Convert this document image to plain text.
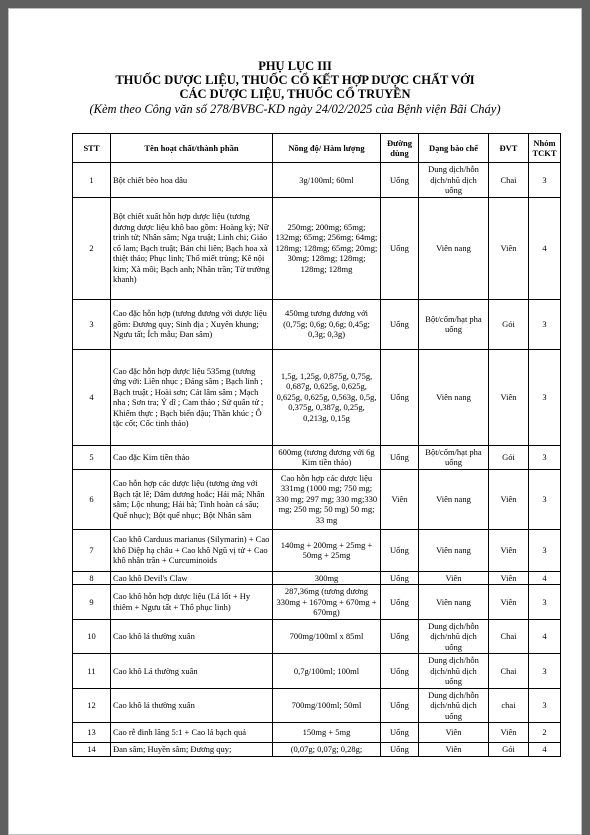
PHỤ LỤC III
THUỐC DƯỢC LIỆU, THUỐC CỔ KẾT HỢP DƯỢC CHẤT VỚI
CÁC DƯỢC LIỆU, THUỐC CỔ TRUYỀN
(Kèm theo Công văn số 278/BVBC-KD ngày 24/02/2025 của Bệnh viện Bãi Cháy)
STT	Tên hoạt chất/thành phần	Nồng độ/ Hàm lượng	Đường dùng	Dạng bào chế	ĐVT	Nhóm TCKT
1	Bột chiết bèo hoa dâu	3g/100ml; 60ml	Uống	Dung dịch/hỗn dịch/nhũ dịch uống	Chai	3
2	Bột chiết xuất hỗn hợp dược liệu (tương đương dược liệu khô bao gồm: Hoàng kỳ; Nữ trinh tử; Nhân sâm; Nga truật; Linh chi; Giảo cổ lam; Bạch truật; Bán chi liên; Bạch hoa xà thiệt thảo; Phục linh; Thổ miết trùng; Kê nội kim; Xà môi; Bạch anh; Nhân trần; Từ trường khanh)	250mg; 200mg; 65mg; 132mg; 65mg; 256mg; 64mg; 128mg; 128mg; 65mg; 20mg; 30mg; 128mg; 128mg; 128mg; 128mg	Uống	Viên nang	Viên	4
3	Cao đặc hỗn hợp (tương đương với dược liệu gồm: Đương quy; Sinh địa ; Xuyên khung; Ngưu tất; Ích mẫu; Đan sâm)	450mg tương đương với (0,75g; 0,6g; 0,6g; 0,45g; 0,3g; 0,3g)	Uống	Bột/cốm/hạt pha uống	Gói	3
4	Cao đặc hỗn hợp dược liệu 535mg (tương ứng với: Liên nhục ; Đảng sâm ; Bạch linh ; Bạch truật ; Hoài sơn; Cát lâm sâm ; Mạch nha ; Sơn tra; Ý dĩ ; Cam thảo ; Sử quân tử ; Khiếm thực ; Bạch biển đậu; Thần khúc ; Ô tặc cốt; Cốc tinh thảo)	1,5g, 1,25g, 0,875g, 0,75g, 0,687g, 0,625g, 0,625g, 0,625g, 0,625g, 0,563g, 0,5g, 0,375g, 0,387g, 0,25g, 0,213g, 0,15g	Uống	Viên nang	Viên	3
5	Cao đặc Kim tiền thảo	600mg (tương đương với 6g Kim tiền thảo)	Uống	Bột/cốm/hạt pha uống	Gói	3
6	Cao hỗn hợp các dược liệu (tương ứng với Bạch tật lê; Dâm dương hoắc; Hải mã; Nhân sâm; Lộc nhung; Hải hà; Tinh hoàn cá sấu; Quế nhục); Bột quế nhục; Bột Nhân sâm	Cao hỗn hợp các dược liệu 331mg (1000 mg; 750 mg; 330 mg; 297 mg; 330 mg;330 mg; 250 mg; 50 mg) 50 mg; 33 mg	Viên	Viên nang	Viên	3
7	Cao khô Carduus marianus (Silymarin) + Cao khô Diệp hạ châu + Cao khô Ngũ vị tử + Cao khô nhân trần + Curcuminoids	140mg + 200mg + 25mg + 50mg + 25mg	Uống	Viên nang	Viên	3
8	Cao khô Devil's Claw	300mg	Uống	Viên	Viên	4
9	Cao khô hỗn hợp dược liệu (Lá lốt + Hy thiêm + Ngưu tất + Thổ phục linh)	287,36mg (tương đương 330mg + 1670mg + 670mg + 670mg)	Uống	Viên nang	Viên	3
10	Cao khô lá thường xuân	700mg/100ml x 85ml	Uống	Dung dịch/hỗn dịch/nhũ dịch uống	Chai	4
11	Cao khô Lá thường xuân	0,7g/100ml; 100ml	Uống	Dung dịch/hỗn dịch/nhũ dịch uống	Chai	3
12	Cao khô lá thường xuân	700mg/100ml; 50ml	Uống	Dung dịch/hỗn dịch/nhũ dịch uống	chai	3
13	Cao rễ đinh lăng 5:1 + Cao lá bạch quả	150mg + 5mg	Uống	Viên	Viên	2
14	Đan sâm; Huyền sâm; Đương quy;	(0,07g; 0,07g; 0,28g;	Uống	Viên	Gói	4
